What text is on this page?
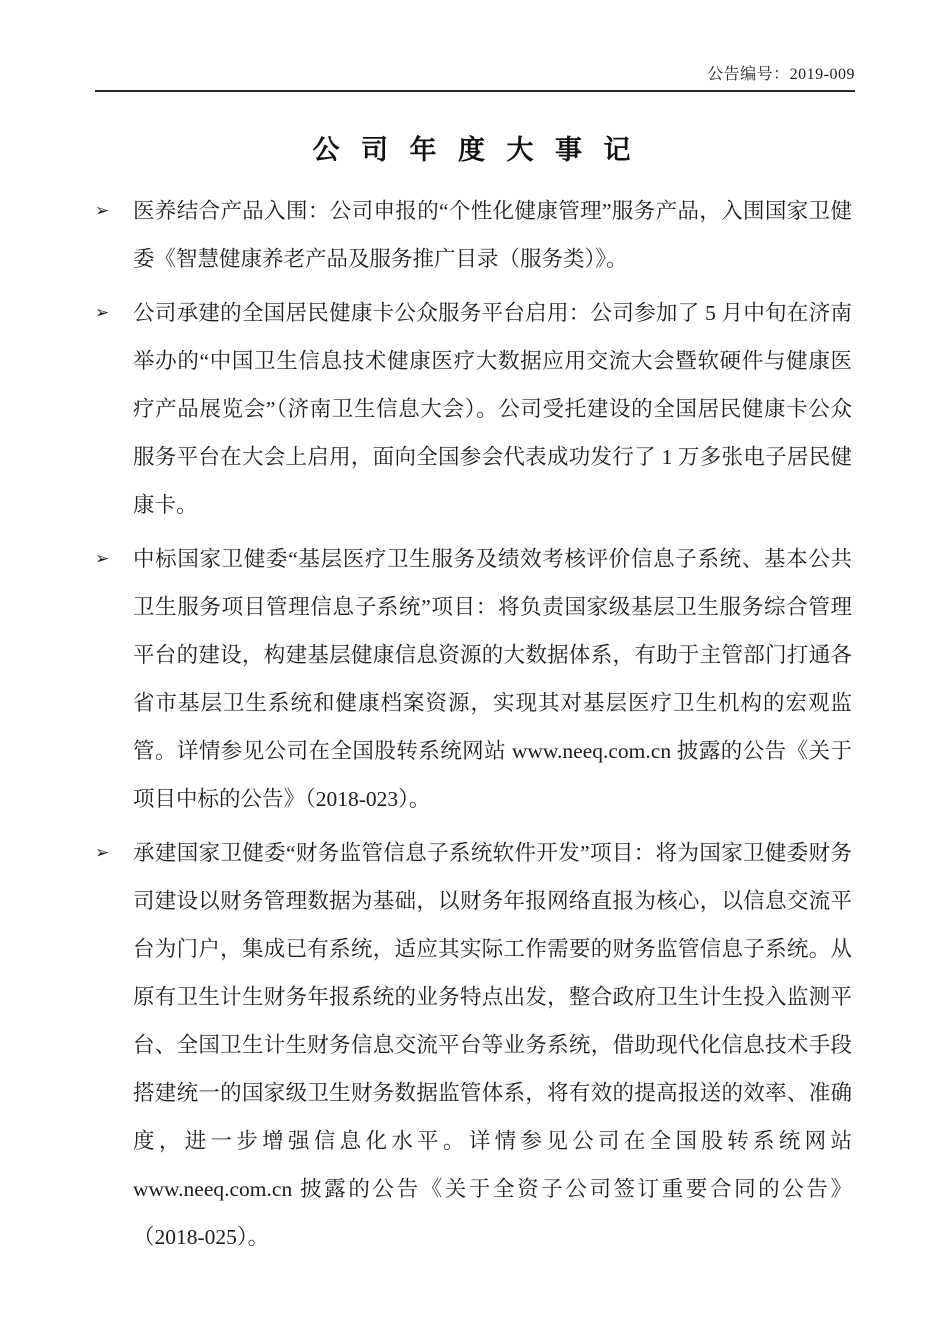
公告编号：2019-009
公 司 年 度 大 事 记
➢	医养结合产品入围：公司申报的“个性化健康管理”服务产品，入围国家卫健委《智慧健康养老产品及服务推广目录（服务类）》。
➢	公司承建的全国居民健康卡公众服务平台启用：公司参加了 5 月中旬在济南举办的“中国卫生信息技术健康医疗大数据应用交流大会暨软硬件与健康医疗产品展览会”（济南卫生信息大会）。公司受托建设的全国居民健康卡公众服务平台在大会上启用，面向全国参会代表成功发行了 1 万多张电子居民健康卡。
➢	中标国家卫健委“基层医疗卫生服务及绩效考核评价信息子系统、基本公共卫生服务项目管理信息子系统”项目：将负责国家级基层卫生服务综合管理平台的建设，构建基层健康信息资源的大数据体系，有助于主管部门打通各省市基层卫生系统和健康档案资源，实现其对基层医疗卫生机构的宏观监管。详情参见公司在全国股转系统网站 www.neeq.com.cn 披露的公告《关于项目中标的公告》（2018-023）。
➢	承建国家卫健委“财务监管信息子系统软件开发”项目：将为国家卫健委财务司建设以财务管理数据为基础，以财务年报网络直报为核心，以信息交流平台为门户，集成已有系统，适应其实际工作需要的财务监管信息子系统。从原有卫生计生财务年报系统的业务特点出发，整合政府卫生计生投入监测平台、全国卫生计生财务信息交流平台等业务系统，借助现代化信息技术手段搭建统一的国家级卫生财务数据监管体系，将有效的提高报送的效率、准确度，进一步增强信息化水平。详情参见公司在全国股转系统网站 www.neeq.com.cn 披露的公告《关于全资子公司签订重要合同的公告》（2018-025）。
